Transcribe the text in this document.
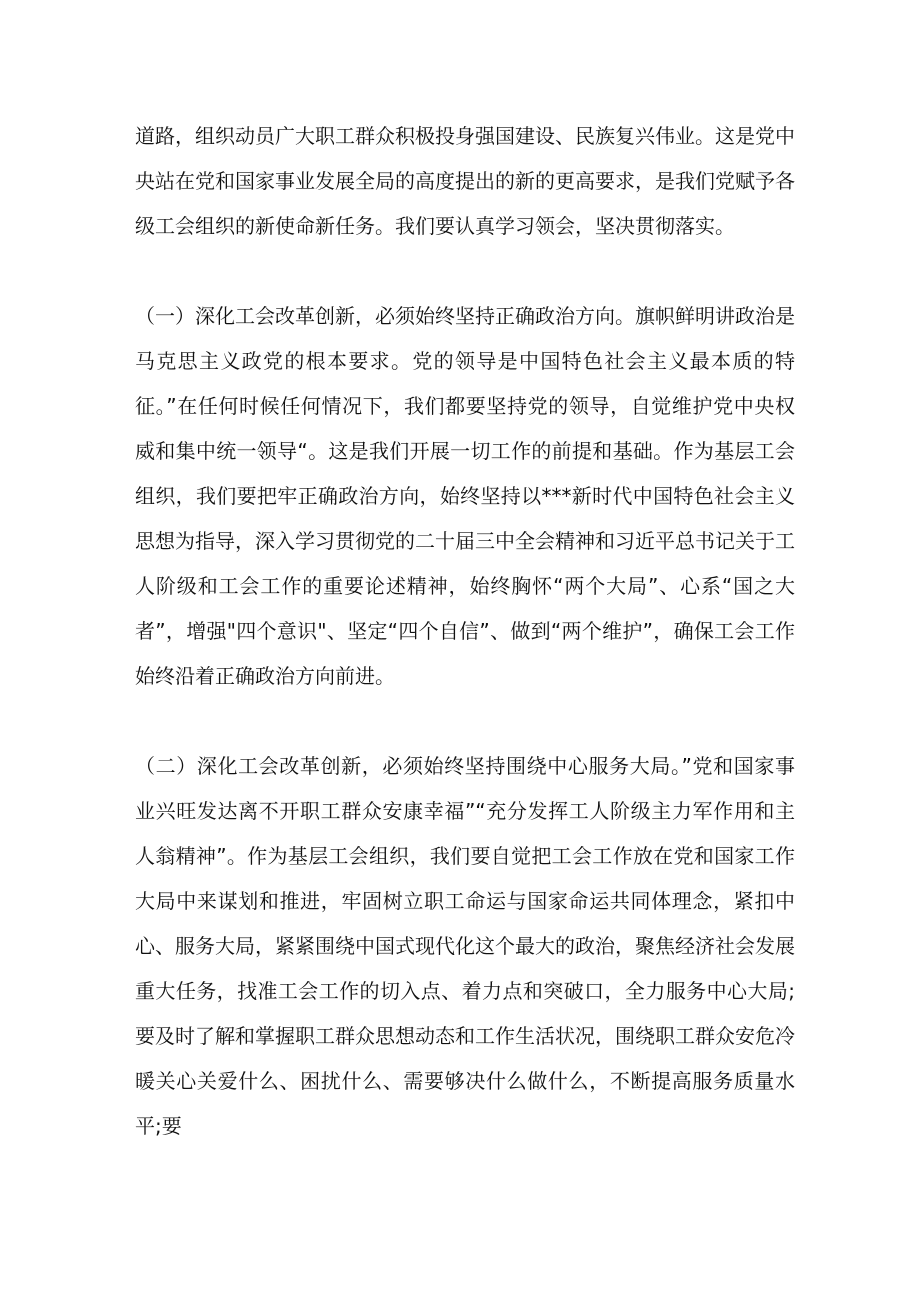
道路，组织动员广大职工群众积极投身强国建设、民族复兴伟业。这是党中央站在党和国家事业发展全局的高度提出的新的更高要求，是我们党赋予各级工会组织的新使命新任务。我们要认真学习领会，坚决贯彻落实。

（一）深化工会改革创新，必须始终坚持正确政治方向。旗帜鲜明讲政治是马克思主义政党的根本要求。党的领导是中国特色社会主义最本质的特征。”在任何时候任何情况下，我们都要坚持党的领导，自觉维护党中央权威和集中统一领导“。这是我们开展一切工作的前提和基础。作为基层工会组织，我们要把牢正确政治方向，始终坚持以***新时代中国特色社会主义思想为指导，深入学习贯彻党的二十届三中全会精神和习近平总书记关于工人阶级和工会工作的重要论述精神，始终胸怀“两个大局”、心系“国之大者”，增强"四个意识"、坚定“四个自信”、做到“两个维护”，确保工会工作始终沿着正确政治方向前进。

（二）深化工会改革创新，必须始终坚持围绕中心服务大局。”党和国家事业兴旺发达离不开职工群众安康幸福”“充分发挥工人阶级主力军作用和主人翁精神”。作为基层工会组织，我们要自觉把工会工作放在党和国家工作大局中来谋划和推进，牢固树立职工命运与国家命运共同体理念，紧扣中心、服务大局，紧紧围绕中国式现代化这个最大的政治，聚焦经济社会发展重大任务，找准工会工作的切入点、着力点和突破口，全力服务中心大局;要及时了解和掌握职工群众思想动态和工作生活状况，围绕职工群众安危冷暖关心关爱什么、困扰什么、需要够决什么做什么，不断提高服务质量水平;要
